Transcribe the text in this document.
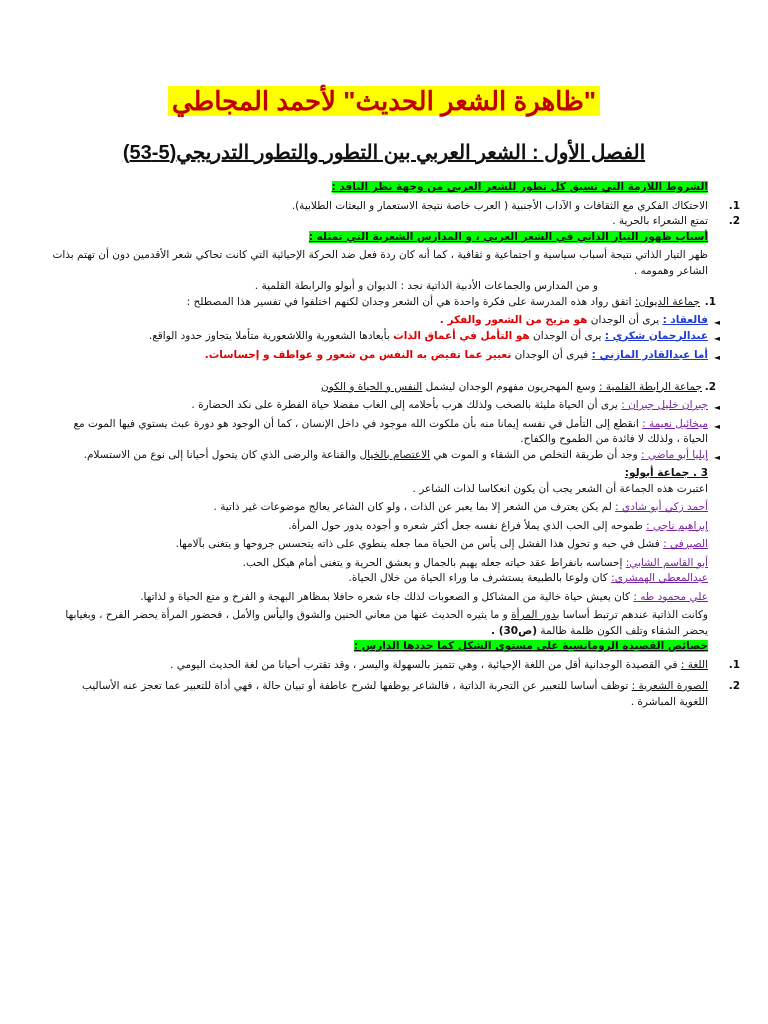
"ظاهرة الشعر الحديث" لأحمد المجاطي
الفصل الأول : الشعر العربي بين التطور والتطور التدريجي(5-53)

الشروط اللازمة التي تسبق كل تطور للشعر العربي من وجهة نظر الناقد :

1.
الاحتكاك الفكري مع الثقافات و الآداب الأجنبية ( العرب خاصة نتيجة الاستعمار و البعثات الطلابية).

2.
تمتع الشعراء بالحرية .

أسباب ظهور التيار الذاتي في الشعر العربي ، و المدارس الشعرية التي تمثله :

ظهر التيار الذاتي نتيجة أسباب سياسية و اجتماعية و ثقافية ، كما أنه كان ردة فعل ضد الحركة الإحيائية التي كانت تحاكي شعر الأقدمين دون أن تهتم بذات الشاعر وهمومه .

و من المدارس والجماعات الأدبية الذاتية نجد : الديوان و أبولو والرابطة القلمية .

1.
جماعة الديوان: اتفق رواد هذه المدرسة على فكرة واحدة هي أن الشعر وجدان لكنهم اختلفوا في تفسير هذا المصطلح :

◄
فالعقاد : يرى أن الوجدان هو مزيج من الشعور والفكر .

◄
عبدالرحمان شكري : يرى أن الوجدان هو التأمل في أعماق الذات بأبعادها الشعورية واللاشعورية متأملا يتجاوز حدود الواقع.

◄
أما عبدالقادر المازني : فيرى أن الوجدان تعبير عما تفيض به النفس من شعور و عواطف و إحساسات.

2.
جماعة الرابطة القلمية : وسع المهجريون مفهوم الوجدان ليشمل النفس و الحياة و الكون

◄
جبران خليل جبران : يرى أن الحياة مليئة بالصخب ولذلك هرب بأحلامه إلى الغاب مفضلا حياة الفطرة على نكد الحضارة .

◄
ميخائيل نعيمة : انقطع إلى التأمل في نفسه إيمانا منه بأن ملكوت الله موجود في داخل الإنسان ، كما أن الوجود هو دورة عبث يستوي فيها الموت مع الحياة ، ولذلك لا فائدة من الطموح والكفاح.

◄
إيليا أبو ماضي : وجد أن طريقة التخلص من الشقاء و الموت هي الاعتصام بالخيال والقناعة والرضى الذي كان يتحول أحيانا إلى نوع من الاستسلام.

3 . جماعة أبولو:

اعتبرت هذه الجماعة أن الشعر يجب أن يكون انعكاسا لذات الشاعر .

أحمد زكي أبو شادي : لم يكن يعترف من الشعر إلا بما يعبر عن الذات ، ولو كان الشاعر يعالج موضوعات غير ذاتية .

إبراهيم ناجي : طموحه إلى الحب الذي يملأ فراغ نفسه جعل أكثر شعره و أجوده يدور حول المرأة.

الصيرفي : فشل في حبه و تحول هذا الفشل إلى يأس من الحياة مما جعله ينطوي على ذاته يتحسس جروحها و يتغنى بآلامها.

أبو القاسم الشابي: إحساسه بانفراط عقد حياته جعله يهيم بالجمال و يعشق الحرية و يتغنى أمام هيكل الحب.

عبدالمعطي الهمشري: كان ولوعا بالطبيعة يستشرف ما وراء الحياة من خلال الحياة.

علي محمود طه : كان يعيش حياة خالية من المشاكل و الصعوبات لذلك جاء شعره حافلا بمظاهر البهجة و الفرح و متع الحياة و لذاتها.

وكانت الذاتية عندهم ترتبط أساسا بدور المرأة و ما يثيره الحديث عنها من معاني الحنين والشوق واليأس والأمل ، فحضور المرأة يحضر الفرح ، وبغيابها يحضر الشقاء وتلف الكون ظلمة ظالمة (ص30) .

خصائص القصيدة الرومانسية على مستوى الشكل كما حددها الدارس :

1.
اللغة : في القصيدة الوجدانية أقل من اللغة الإحيائية ، وهي تتميز بالسهولة واليسر ، وقد تقترب أحيانا من لغة الحديث اليومي .

2.
الصورة الشعرية : توظف أساسا للتعبير عن التجربة الذاتية ، فالشاعر يوظفها لشرح عاطفة أو تبيان حالة ، فهي أداة للتعبير عما تعجز عنه الأساليب اللغوية المباشرة .
